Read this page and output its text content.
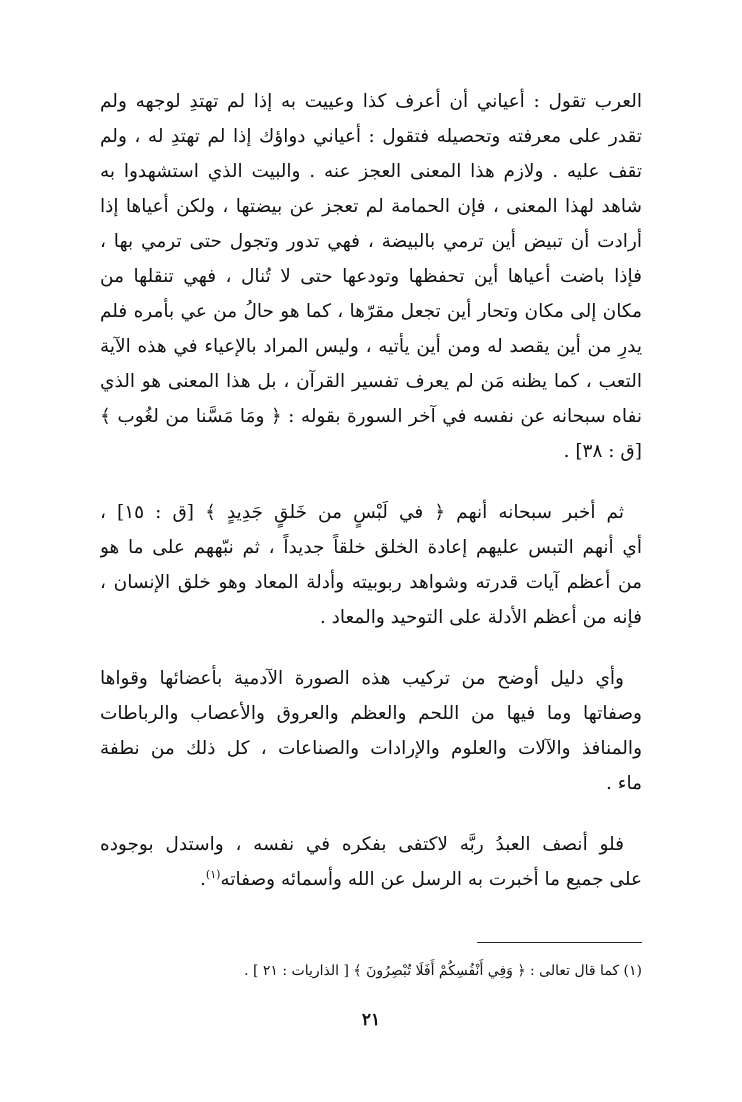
العرب تقول : أعياني أن أعرف كذا وعييت به إذا لم تهتدِ لوجهه ولم
تقدر على معرفته وتحصيله فتقول : أعياني دواؤك إذا لم تهتدِ له ، ولم
تقف عليه . ولازم هذا المعنى العجز عنه . والبيت الذي استشهدوا به
شاهد لهذا المعنى ، فإن الحمامة لم تعجز عن بيضتها ، ولكن أعياها إذا
أرادت أن تبيض أين ترمي بالبيضة ، فهي تدور وتجول حتى ترمي بها ،
فإذا باضت أعياها أين تحفظها وتودعها حتى لا تُنال ، فهي تنقلها من
مكان إلى مكان وتحار أين تجعل مقرّها ، كما هو حالُ من عي بأمره فلم
يدرِ من أين يقصد له ومن أين يأتيه ، وليس المراد بالإعياء في هذه الآية
التعب ، كما يظنه مَن لم يعرف تفسير القرآن ، بل هذا المعنى هو الذي
نفاه سبحانه عن نفسه في آخر السورة بقوله : ﴿ ومَا مَسَّنا من لغُوب ﴾
[ق : ٣٨] .

ثم أخبر سبحانه أنهم ﴿ في لَبْسٍ من خَلقٍ جَدِيدٍ ﴾ [ق : ١٥] ،
أي أنهم التبس عليهم إعادة الخلق خلقاً جديداً ، ثم نبّههم على ما هو
من أعظم آيات قدرته وشواهد ربوبيته وأدلة المعاد وهو خلق الإنسان ،
فإنه من أعظم الأدلة على التوحيد والمعاد .

وأي دليل أوضح من تركيب هذه الصورة الآدمية بأعضائها وقواها
وصفاتها وما فيها من اللحم والعظم والعروق والأعصاب والرباطات
والمنافذ والآلات والعلوم والإرادات والصناعات ، كل ذلك من نطفة
ماء .

فلو أنصف العبدُ ربَّه لاكتفى بفكره في نفسه ، واستدل بوجوده
على جميع ما أخبرت به الرسل عن الله وأسمائه وصفاته$^{(١)}$.

(١) كما قال تعالى : ﴿ وَفِي أَنْفُسِكُمْ أَفَلَا تُبْصِرُونَ ﴾ [ الذاريات : ٢١ ] .
٢١
